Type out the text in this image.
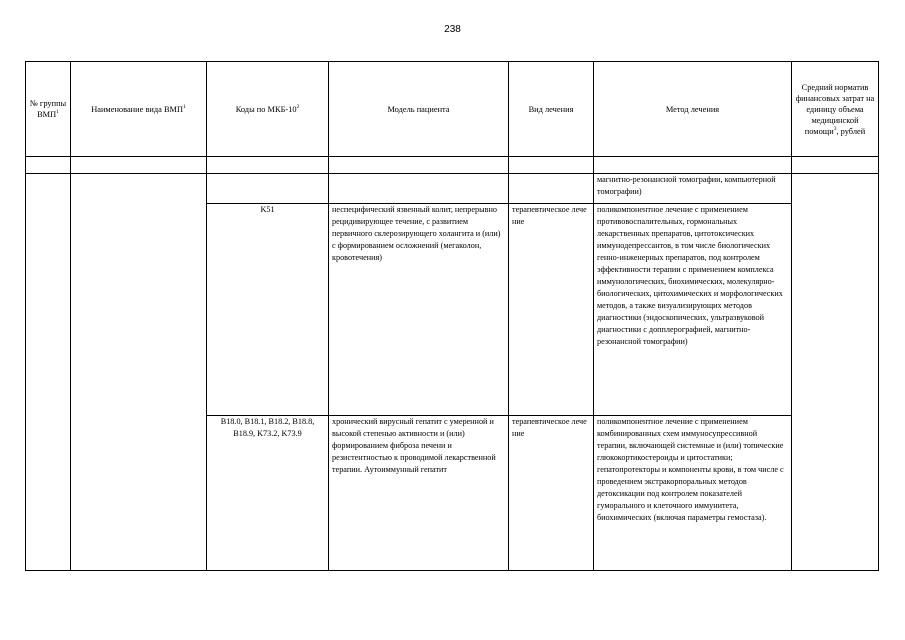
238
№ группы ВМП$^1$	Наименование вида ВМП$^1$	Коды по МКБ-$10^2$	Модель пациента	Вид лечения	Метод лечения	Средний норматив финансовых затрат на единицу объема медицинской помощи$^3$, рублей

					магнитно-резонансной томографии, компьютерной томографии)	
		K51	неспецифический язвенный колит, непрерывно рецидивирующее течение, с развитием первичного склерозирующего холангита и (или) с формированием осложнений (мегаколон, кровотечения)	терапевтическое лечение	поликомпонентное лечение с применением противовоспалительных, гормональных лекарственных препаратов, цитотоксических иммунодепрессантов, в том числе биологических генно-инженерных препаратов, под контролем эффективности терапии с применением комплекса иммунологических, биохимических, молекулярно-биологических, цитохимических и морфологических методов, а также визуализирующих методов диагностики (эндоскопических, ультразвуковой диагностики с допплерографией, магнитно-резонансной томографии)	
		B18.0, B18.1, B18.2, B18.8, B18.9, K73.2, K73.9	хронический вирусный гепатит с умеренной и высокой степенью активности и (или) формированием фиброза печени и резистентностью к проводимой лекарственной терапии. Аутоиммунный гепатит	терапевтическое лечение	поликомпонентное лечение с применением комбинированных схем иммуносупрессивной терапии, включающей системные и (или) топические глюкокортикостероиды и цитостатики; гепатопротекторы и компоненты крови, в том числе с проведением экстракорпоральных методов детоксикации под контролем показателей гуморального и клеточного иммунитета, биохимических (включая параметры гемостаза).	
